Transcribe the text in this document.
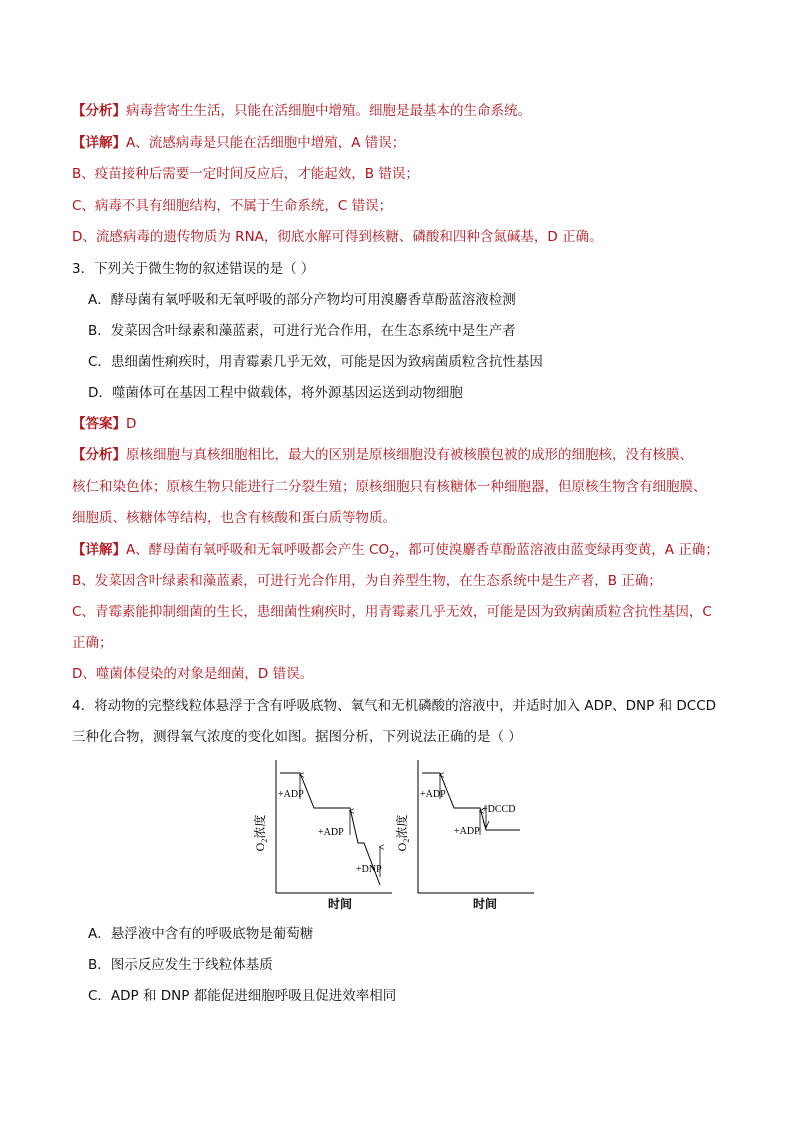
【分析】病毒营寄生生活，只能在活细胞中增殖。细胞是最基本的生命系统。
【详解】A、流感病毒是只能在活细胞中增殖，A 错误；
B、疫苗接种后需要一定时间反应后，才能起效，B 错误；
C、病毒不具有细胞结构，不属于生命系统，C 错误；
D、流感病毒的遗传物质为 RNA，彻底水解可得到核糖、磷酸和四种含氮碱基，D 正确。
3．下列关于微生物的叙述错误的是（ ）
A．酵母菌有氧呼吸和无氧呼吸的部分产物均可用溴麝香草酚蓝溶液检测
B．发菜因含叶绿素和藻蓝素，可进行光合作用，在生态系统中是生产者
C．患细菌性痢疾时，用青霉素几乎无效，可能是因为致病菌质粒含抗性基因
D．噬菌体可在基因工程中做载体，将外源基因运送到动物细胞
【答案】D
【分析】原核细胞与真核细胞相比，最大的区别是原核细胞没有被核膜包被的成形的细胞核，没有核膜、
核仁和染色体；原核生物只能进行二分裂生殖；原核细胞只有核糖体一种细胞器，但原核生物含有细胞膜、
细胞质、核糖体等结构，也含有核酸和蛋白质等物质。
【详解】A、酵母菌有氧呼吸和无氧呼吸都会产生 $CO_2$，都可使溴麝香草酚蓝溶液由蓝变绿再变黄，A 正确；
B、发菜因含叶绿素和藻蓝素，可进行光合作用，为自养型生物，在生态系统中是生产者，B 正确；
C、青霉素能抑制细菌的生长，患细菌性痢疾时，用青霉素几乎无效，可能是因为致病菌质粒含抗性基因，C
正确；
D、噬菌体侵染的对象是细菌，D 错误。
4．将动物的完整线粒体悬浮于含有呼吸底物、氧气和无机磷酸的溶液中，并适时加入 ADP、DNP 和 DCCD
三种化合物，测得氧气浓度的变化如图。据图分析，下列说法正确的是（ ）
$O_2$浓度
时间
+ADP
+ADP
+DNP
$O_2$浓度
时间
+ADP
+DCCD
+ADP
A．悬浮液中含有的呼吸底物是葡萄糖
B．图示反应发生于线粒体基质
C．ADP 和 DNP 都能促进细胞呼吸且促进效率相同
